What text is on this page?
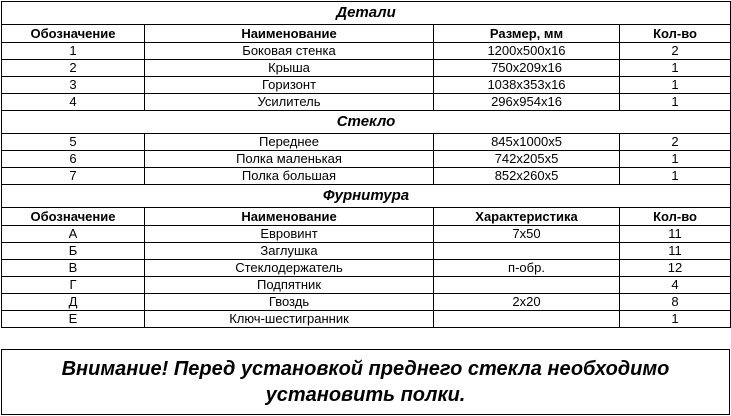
Детали			
Обозначение	Наименование	Размер, мм	Кол-во
1	Боковая стенка	1200x500x16	2
2	Крыша	750x209x16	1
3	Горизонт	1038x353x16	1
4	Усилитель	296x954x16	1
Стекло			
5	Переднее	845x1000x5	2
6	Полка маленькая	742x205x5	1
7	Полка большая	852x260x5	1
Фурнитура			
Обозначение	Наименование	Характеристика	Кол-во
А	Евровинт	7x50	11
Б	Заглушка		11
В	Стеклодержатель	п-обр.	12
Г	Подпятник		4
Д	Гвоздь	2x20	8
Е	Ключ-шестигранник		1
Внимание! Перед установкой преднего стекла необходимо
установить полки.
